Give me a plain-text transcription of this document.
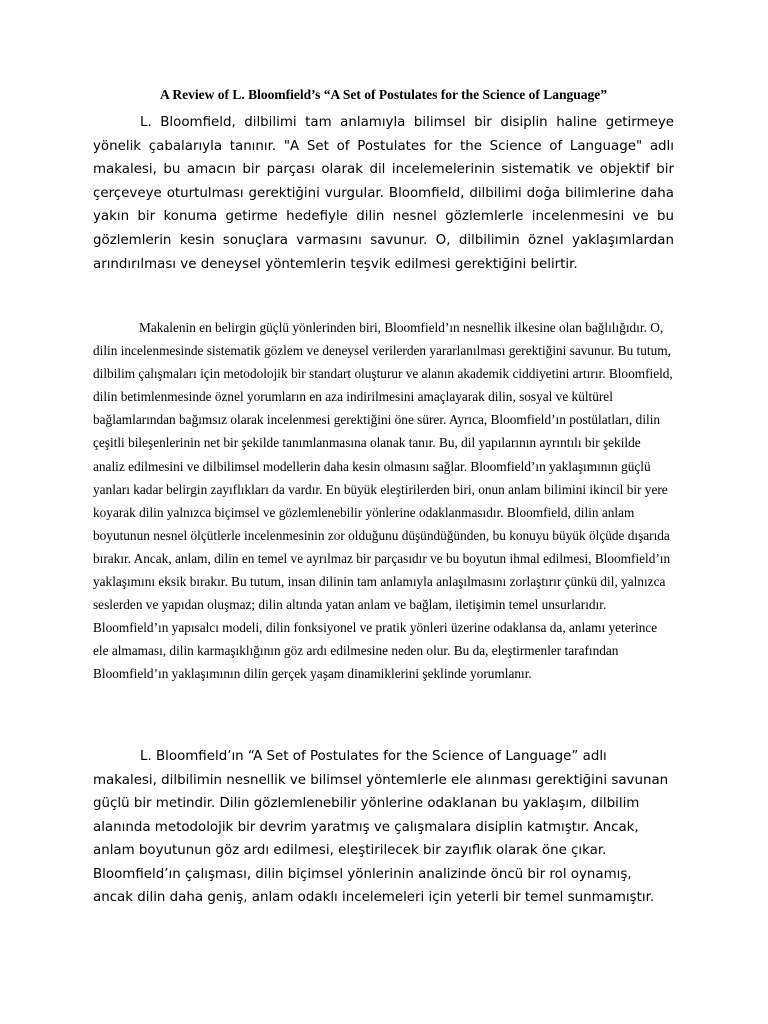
A Review of L. Bloomfield’s “A Set of Postulates for the Science of Language”

L. Bloomfield, dilbilimi tam anlamıyla bilimsel bir disiplin haline getirmeye yönelik çabalarıyla tanınır. "A Set of Postulates for the Science of Language" adlı makalesi, bu amacın bir parçası olarak dil incelemelerinin sistematik ve objektif bir çerçeveye oturtulması gerektiğini vurgular. Bloomfield, dilbilimi doğa bilimlerine daha yakın bir konuma getirme hedefiyle dilin nesnel gözlemlerle incelenmesini ve bu gözlemlerin kesin sonuçlara varmasını savunur. O, dilbilimin öznel yaklaşımlardan arındırılması ve deneysel yöntemlerin teşvik edilmesi gerektiğini belirtir.

Makalenin en belirgin güçlü yönlerinden biri, Bloomfield’ın nesnellik ilkesine olan bağlılığıdır. O, dilin incelenmesinde sistematik gözlem ve deneysel verilerden yararlanılması gerektiğini savunur. Bu tutum, dilbilim çalışmaları için metodolojik bir standart oluşturur ve alanın akademik ciddiyetini artırır. Bloomfield, dilin betimlenmesinde öznel yorumların en aza indirilmesini amaçlayarak dilin, sosyal ve kültürel bağlamlarından bağımsız olarak incelenmesi gerektiğini öne sürer. Ayrıca, Bloomfield’ın postülatları, dilin çeşitli bileşenlerinin net bir şekilde tanımlanmasına olanak tanır. Bu, dil yapılarının ayrıntılı bir şekilde analiz edilmesini ve dilbilimsel modellerin daha kesin olmasını sağlar. Bloomfield’ın yaklaşımının güçlü yanları kadar belirgin zayıflıkları da vardır. En büyük eleştirilerden biri, onun anlam bilimini ikincil bir yere koyarak dilin yalnızca biçimsel ve gözlemlenebilir yönlerine odaklanmasıdır. Bloomfield, dilin anlam boyutunun nesnel ölçütlerle incelenmesinin zor olduğunu düşündüğünden, bu konuyu büyük ölçüde dışarıda bırakır. Ancak, anlam, dilin en temel ve ayrılmaz bir parçasıdır ve bu boyutun ihmal edilmesi, Bloomfield’ın yaklaşımını eksik bırakır. Bu tutum, insan dilinin tam anlamıyla anlaşılmasını zorlaştırır çünkü dil, yalnızca seslerden ve yapıdan oluşmaz; dilin altında yatan anlam ve bağlam, iletişimin temel unsurlarıdır. Bloomfield’ın yapısalcı modeli, dilin fonksiyonel ve pratik yönleri üzerine odaklansa da, anlamı yeterince ele almaması, dilin karmaşıklığının göz ardı edilmesine neden olur. Bu da, eleştirmenler tarafından Bloomfield’ın yaklaşımının dilin gerçek yaşam dinamiklerini şeklinde yorumlanır.

L. Bloomfield’ın “A Set of Postulates for the Science of Language” adlı makalesi, dilbilimin nesnellik ve bilimsel yöntemlerle ele alınması gerektiğini savunan güçlü bir metindir. Dilin gözlemlenebilir yönlerine odaklanan bu yaklaşım, dilbilim alanında metodolojik bir devrim yaratmış ve çalışmalara disiplin katmıştır. Ancak, anlam boyutunun göz ardı edilmesi, eleştirilecek bir zayıflık olarak öne çıkar. Bloomfield’ın çalışması, dilin biçimsel yönlerinin analizinde öncü bir rol oynamış, ancak dilin daha geniş, anlam odaklı incelemeleri için yeterli bir temel sunmamıştır.
